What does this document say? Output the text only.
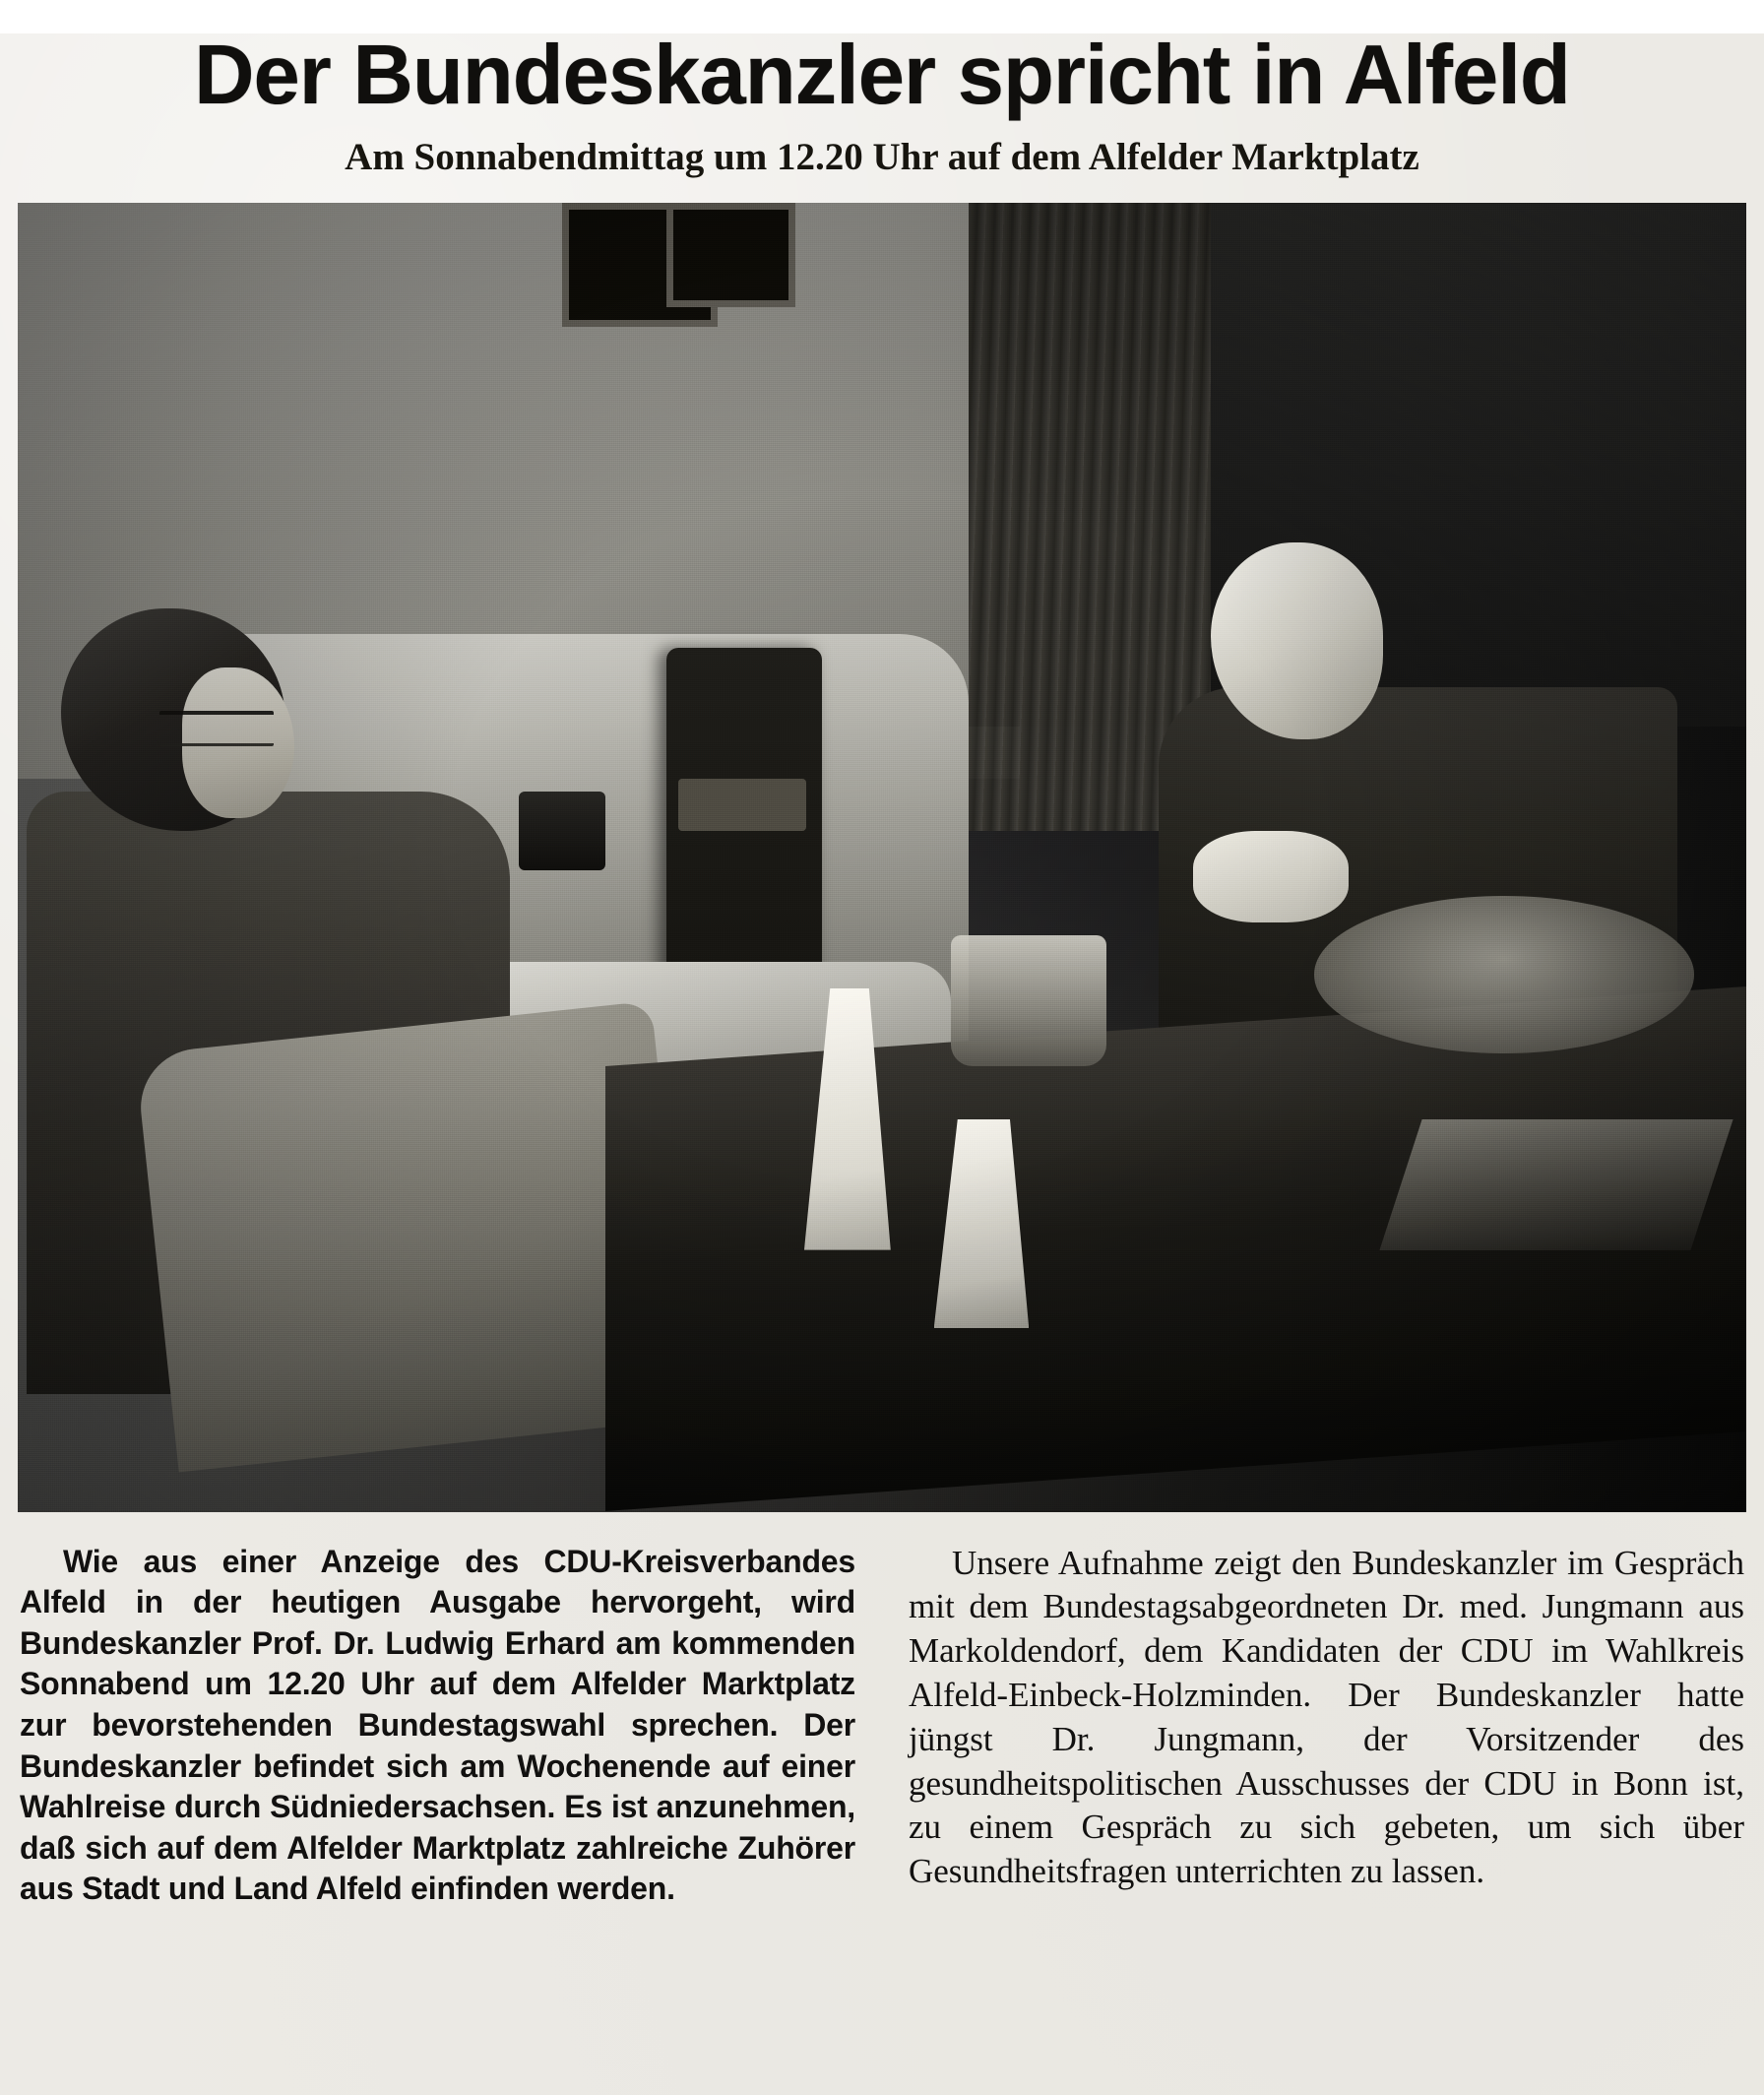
Der Bundeskanzler spricht in Alfeld
Am Sonnabendmittag um 12.20 Uhr auf dem Alfelder Marktplatz

Wie aus einer Anzeige des CDU-Kreisverbandes Alfeld in der heutigen Ausgabe hervorgeht, wird Bundeskanzler Prof. Dr. Ludwig Erhard am kommenden Sonnabend um 12.20 Uhr auf dem Alfelder Marktplatz zur bevorstehenden Bundestagswahl sprechen. Der Bundeskanzler befindet sich am Wochenende auf einer Wahlreise durch Südniedersachsen. Es ist anzunehmen, daß sich auf dem Alfelder Marktplatz zahlreiche Zuhörer aus Stadt und Land Alfeld einfinden werden.

Unsere Aufnahme zeigt den Bundeskanzler im Gespräch mit dem Bundestagsabgeordneten Dr. med. Jungmann aus Markoldendorf, dem Kandidaten der CDU im Wahlkreis Alfeld-Einbeck-Holzminden. Der Bundeskanzler hatte jüngst Dr. Jungmann, der Vorsitzender des gesundheitspolitischen Ausschusses der CDU in Bonn ist, zu einem Gespräch zu sich gebeten, um sich über Gesundheitsfragen unterrichten zu lassen.
